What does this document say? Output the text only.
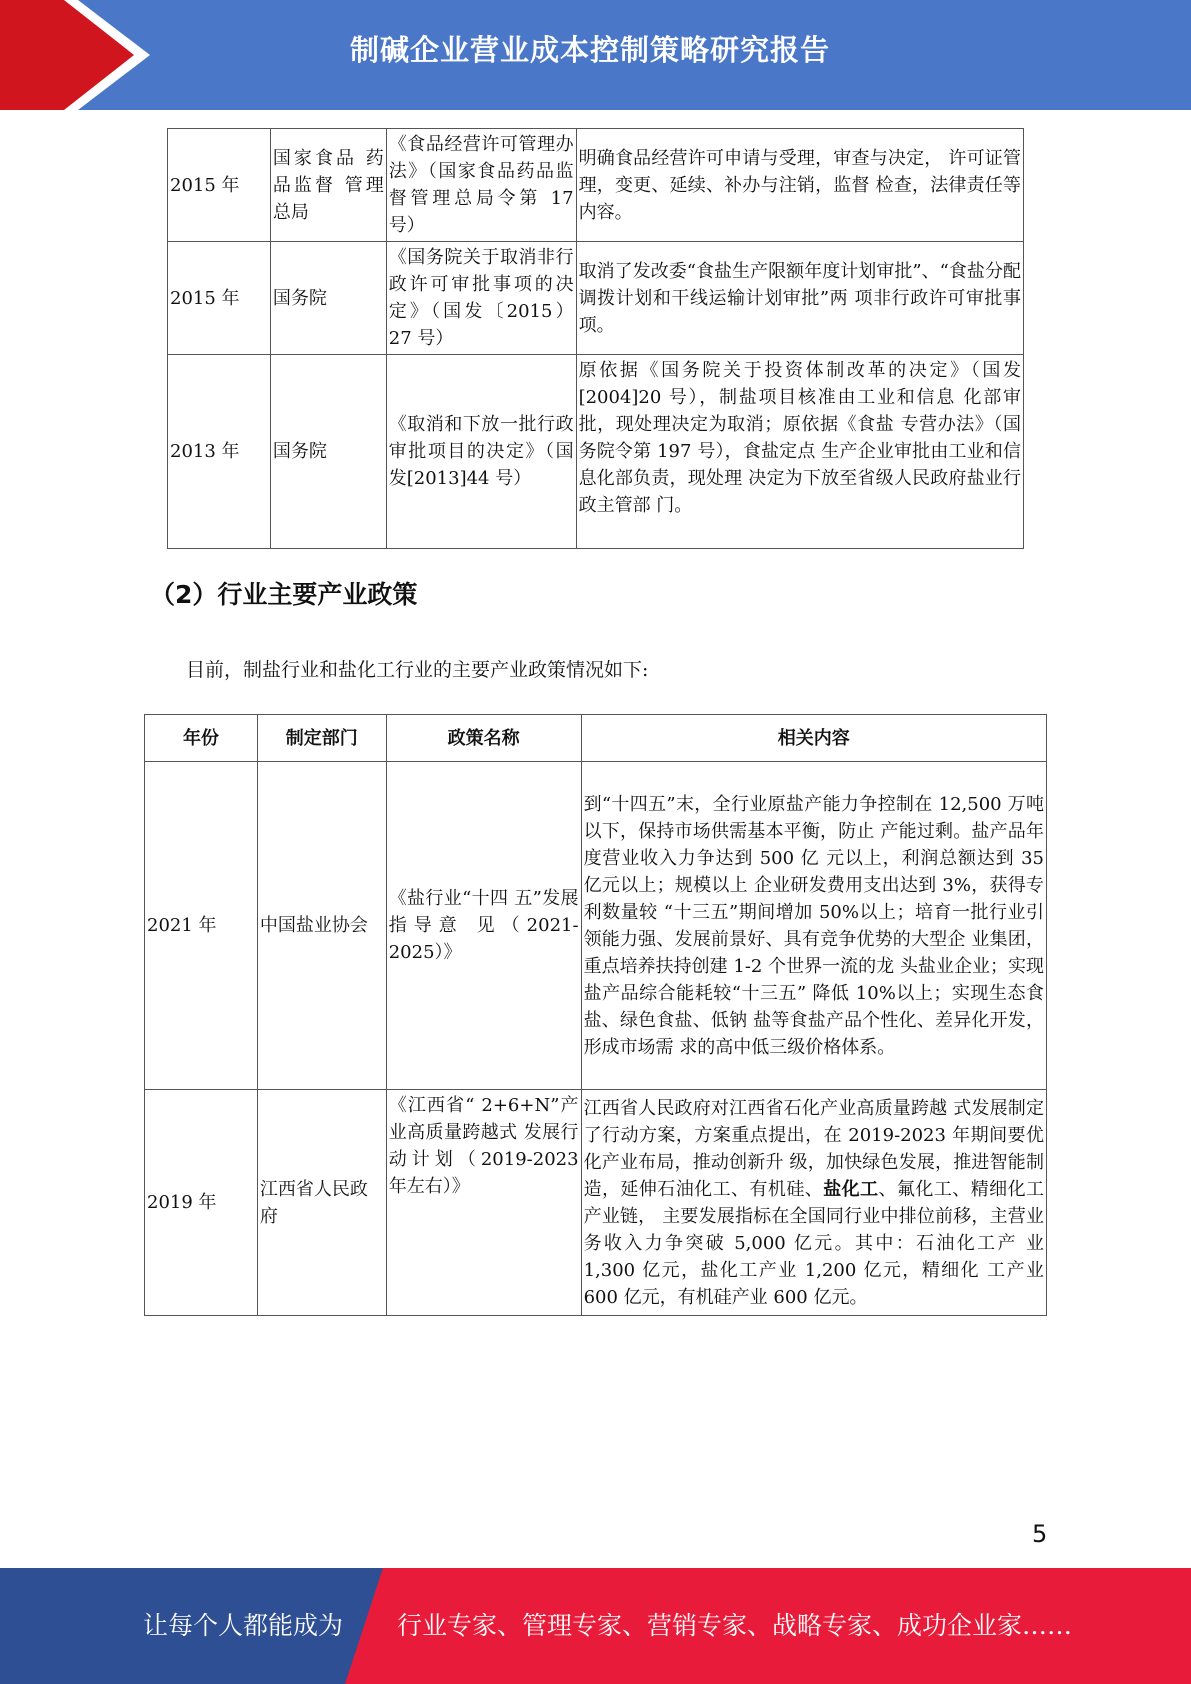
制碱企业营业成本控制策略研究报告
2015 年	国家食品 药品监督 管理总局	《食品经营许可管理办法》（国家食品药品监督管理总局令第 17 号）	明确食品经营许可申请与受理，审查与决定， 许可证管理，变更、延续、补办与注销，监督 检查，法律责任等内容。
2015 年	国务院	《国务院关于取消非行政许可审批事项的决定》（国发〔2015） 27 号）	取消了发改委“食盐生产限额年度计划审批”、“食盐分配调拨计划和干线运输计划审批”两 项非行政许可审批事项。
2013 年	国务院	《取消和下放一批行政审批项目的决定》（国发[2013]44 号）	原依据《国务院关于投资体制改革的决定》（国发[2004]20 号），制盐项目核准由工业和信息 化部审批，现处理决定为取消；原依据《食盐 专营办法》（国务院令第 197 号），食盐定点 生产企业审批由工业和信息化部负责，现处理 决定为下放至省级人民政府盐业行政主管部 门。
（2）行业主要产业政策
目前，制盐行业和盐化工行业的主要产业政策情况如下:
年份	制定部门	政策名称	相关内容
2021 年	中国盐业协会	《盐行业“十四 五”发展指导意 见（2021-2025）》	到“十四五”末，全行业原盐产能力争控制在 12,500 万吨以下，保持市场供需基本平衡，防止 产能过剩。盐产品年度营业收入力争达到 500 亿 元以上，利润总额达到 35 亿元以上；规模以上 企业研发费用支出达到 3%，获得专利数量较 “十三五”期间增加 50%以上；培育一批行业引 领能力强、发展前景好、具有竞争优势的大型企 业集团，重点培养扶持创建 1-2 个世界一流的龙 头盐业企业；实现盐产品综合能耗较“十三五” 降低 10%以上；实现生态食盐、绿色食盐、低钠 盐等食盐产品个性化、差异化开发，形成市场需 求的高中低三级价格体系。
2019 年	江西省人民政府	《江西省“ 2+6+N”产业高质量跨越式 发展行动计划（2019-2023 年左右）》	江西省人民政府对江西省石化产业高质量跨越 式发展制定了行动方案，方案重点提出，在 2019-2023 年期间要优化产业布局，推动创新升 级，加快绿色发展，推进智能制造，延伸石油化工、有机硅、盐化工、氟化工、精细化工产业链， 主要发展指标在全国同行业中排位前移，主营业 务收入力争突破 5,000 亿元。其中：石油化工产 业 1,300 亿元，盐化工产业 1,200 亿元，精细化 工产业 600 亿元，有机硅产业 600 亿元。
5
让每个人都能成为 行业专家、管理专家、营销专家、战略专家、成功企业家……
